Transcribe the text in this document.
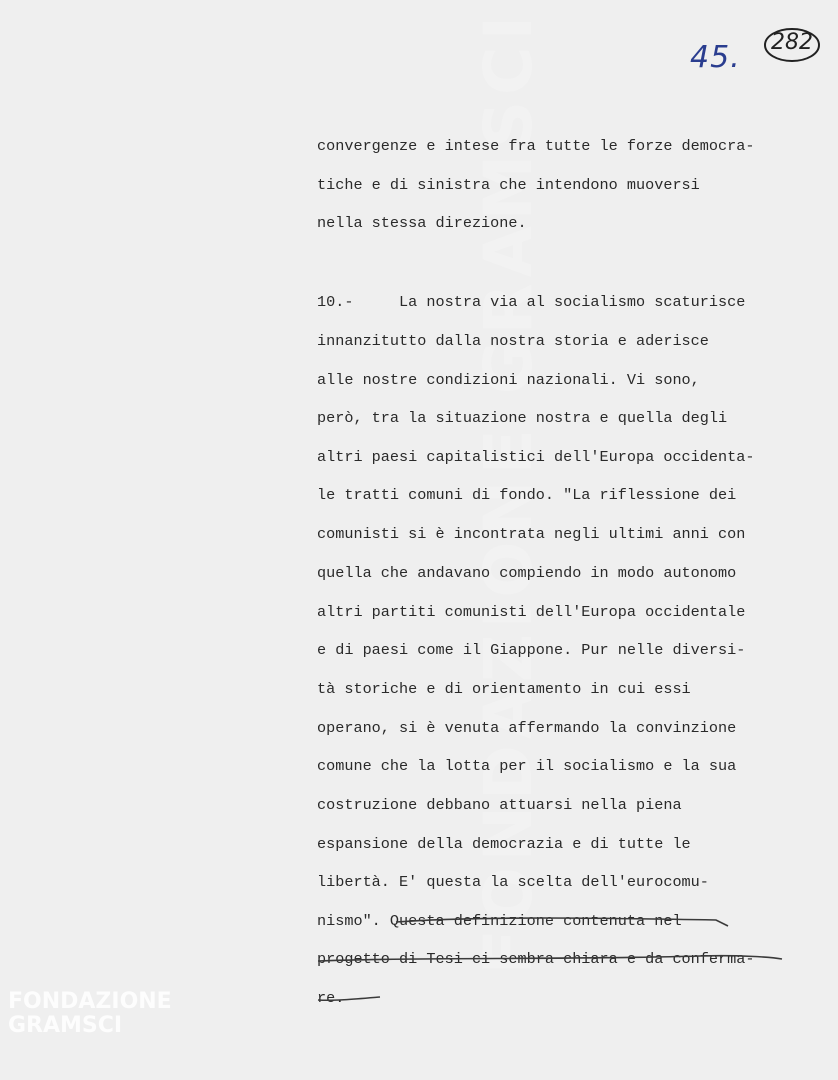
FONDAZIONE GRAMSCI
FONDAZIONE
GRAMSCI
45.	282

convergenze e intese fra tutte le forze democra-

tiche e di sinistra che intendono muoversi

nella stessa direzione.

10.-     La nostra via al socialismo scaturisce

innanzitutto dalla nostra storia e aderisce

alle nostre condizioni nazionali. Vi sono,

però, tra la situazione nostra e quella degli

altri paesi capitalistici dell'Europa occidenta-

le tratti comuni di fondo. "La riflessione dei

comunisti si è incontrata negli ultimi anni con

quella che andavano compiendo in modo autonomo

altri partiti comunisti dell'Europa occidentale

e di paesi come il Giappone. Pur nelle diversi-

tà storiche e di orientamento in cui essi

operano, si è venuta affermando la convinzione

comune che la lotta per il socialismo e la sua

costruzione debbano attuarsi nella piena

espansione della democrazia e di tutte le

libertà. E' questa la scelta dell'eurocomu-

nismo". Questa definizione contenuta nel

progetto di Tesi ci sembra chiara e da conferma-

re.
